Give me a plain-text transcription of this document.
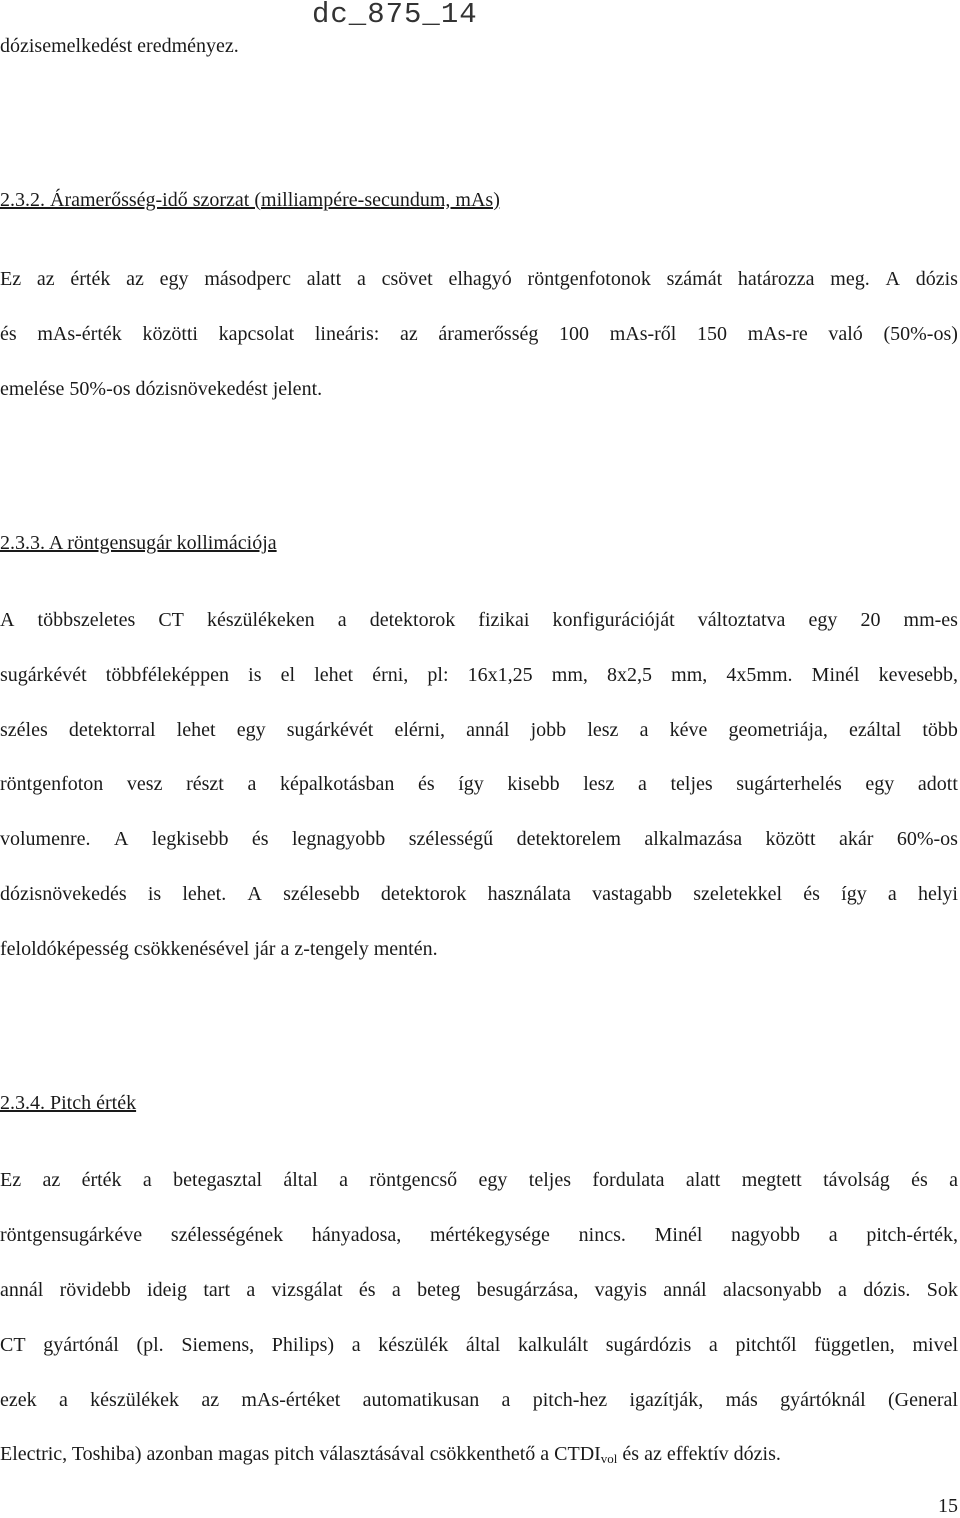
dc_875_14
dózisemelkedést eredményez.
2.3.2. Áramerősség-idő szorzat (milliampére-secundum, mAs)
Ez az érték az egy másodperc alatt a csövet elhagyó röntgenfotonok számát határozza meg. A dózis
és mAs-érték közötti kapcsolat lineáris: az áramerősség 100 mAs-ről 150 mAs-re való (50%-os)
emelése 50%-os dózisnövekedést jelent.
2.3.3. A röntgensugár kollimációja
A többszeletes CT készülékeken a detektorok fizikai konfigurációját változtatva egy 20 mm-es
sugárkévét többféleképpen is el lehet érni, pl: 16x1,25 mm, 8x2,5 mm, 4x5mm. Minél kevesebb,
széles detektorral lehet egy sugárkévét elérni, annál jobb lesz a kéve geometriája, ezáltal több
röntgenfoton vesz részt a képalkotásban és így kisebb lesz a teljes sugárterhelés egy adott
volumenre. A legkisebb és legnagyobb szélességű detektorelem alkalmazása között akár 60%-os
dózisnövekedés is lehet. A szélesebb detektorok használata vastagabb szeletekkel és így a helyi
feloldóképesség csökkenésével jár a z-tengely mentén.
2.3.4. Pitch érték
Ez az érték a betegasztal által a röntgencső egy teljes fordulata alatt megtett távolság és a
röntgensugárkéve szélességének hányadosa, mértékegysége nincs. Minél nagyobb a pitch-érték,
annál rövidebb ideig tart a vizsgálat és a beteg besugárzása, vagyis annál alacsonyabb a dózis. Sok
CT gyártónál (pl. Siemens, Philips) a készülék által kalkulált sugárdózis a pitchtől független, mivel
ezek a készülékek az mAs-értéket automatikusan a pitch-hez igazítják, más gyártóknál (General
Electric, Toshiba) azonban magas pitch választásával csökkenthető a $CTDI_{vol}$ és az effektív dózis.
15
